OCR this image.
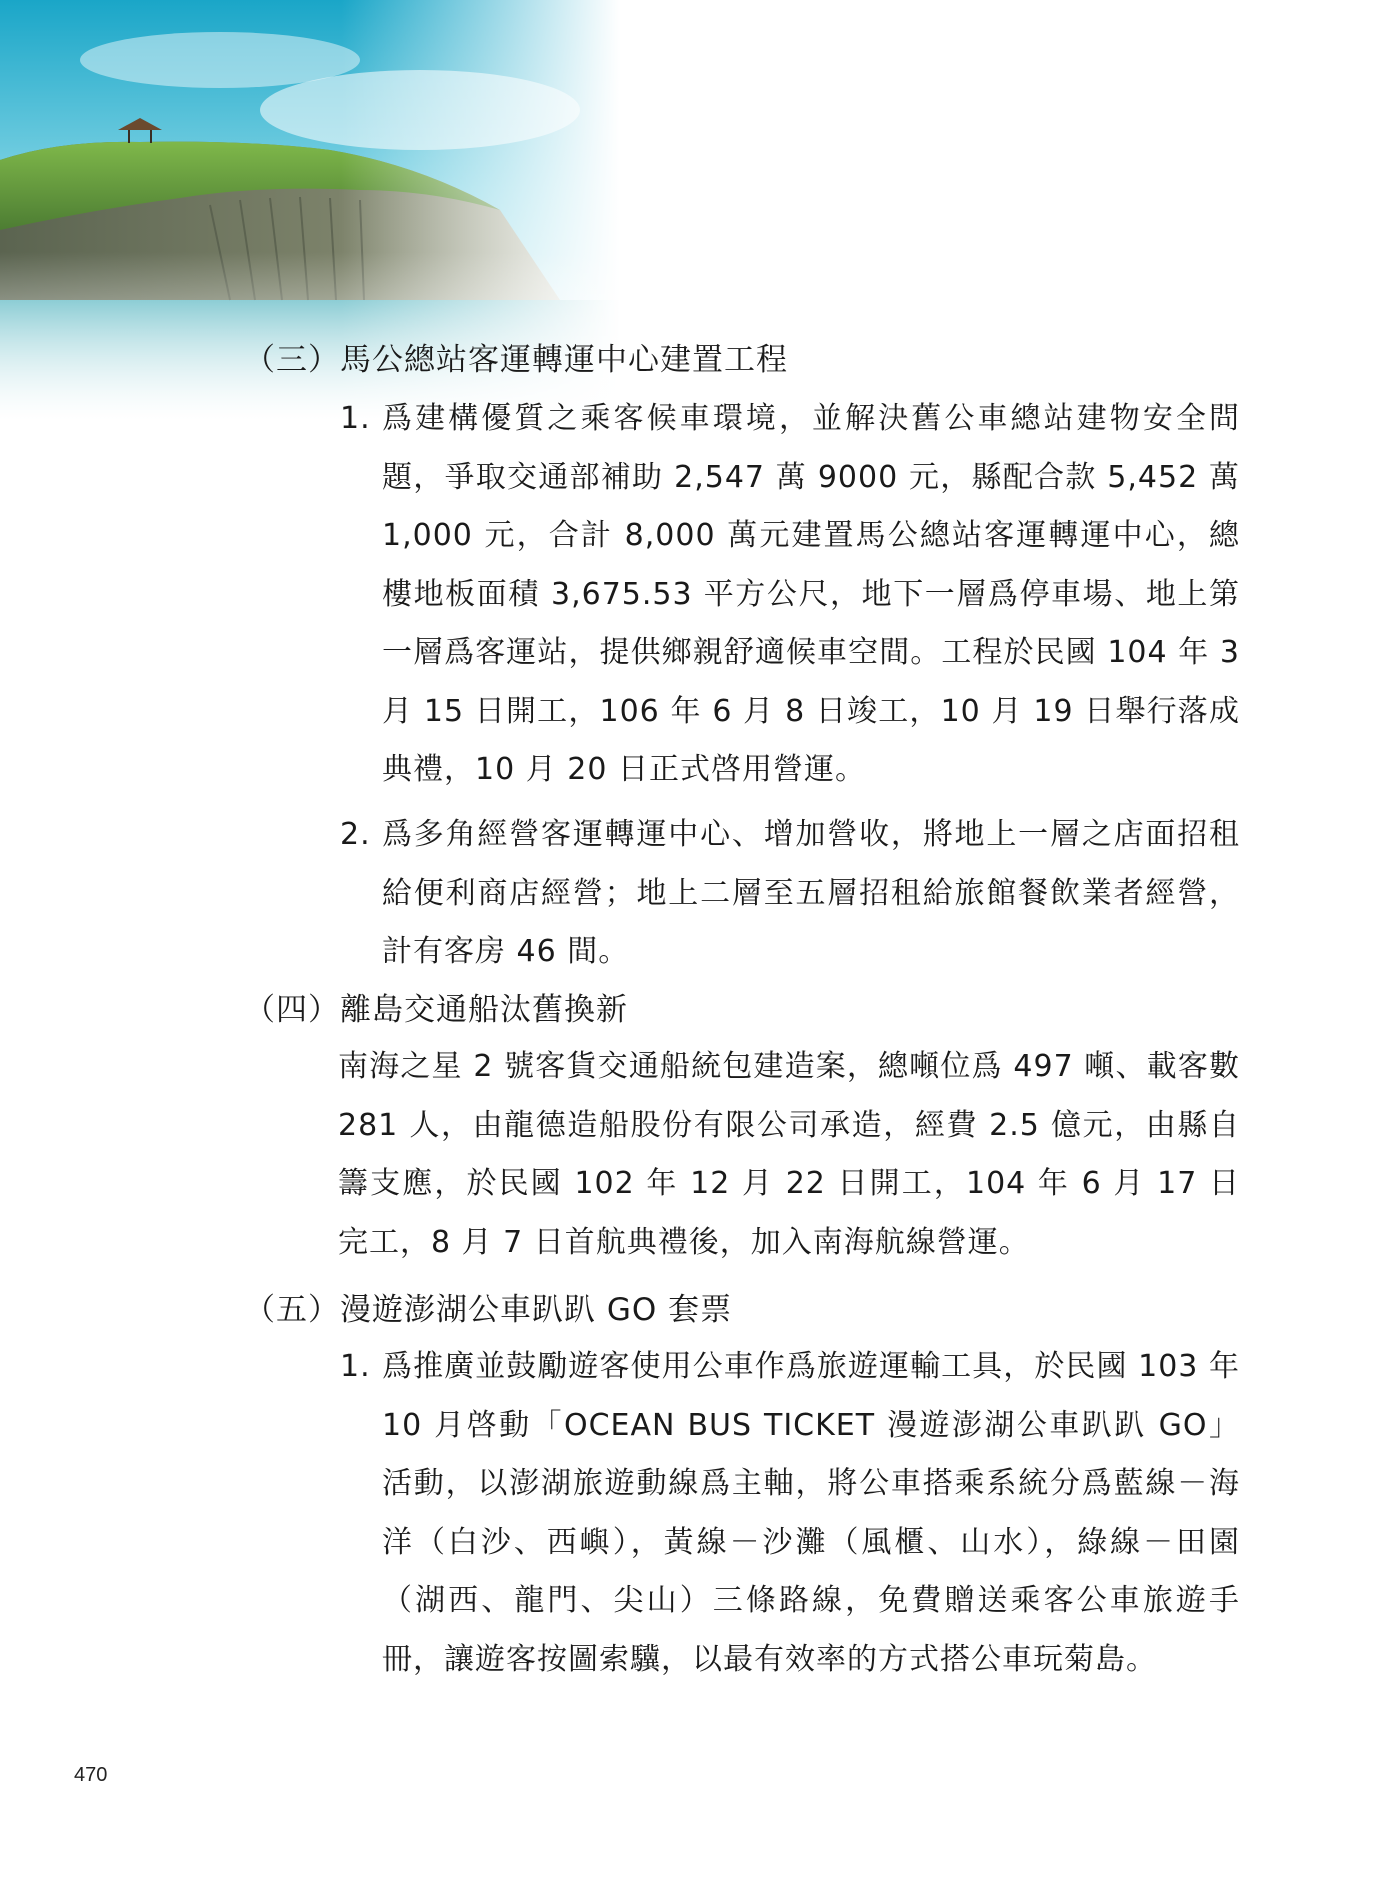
（三）馬公總站客運轉運中心建置工程
1. 爲建構優質之乘客候車環境，並解決舊公車總站建物安全問題，爭取交通部補助 2,547 萬 9000 元，縣配合款 5,452 萬 1,000 元，合計 8,000 萬元建置馬公總站客運轉運中心，總樓地板面積 3,675.53 平方公尺，地下一層爲停車場、地上第一層爲客運站，提供鄉親舒適候車空間。工程於民國 104 年 3 月 15 日開工，106 年 6 月 8 日竣工，10 月 19 日舉行落成典禮，10 月 20 日正式啓用營運。

2. 爲多角經營客運轉運中心、增加營收，將地上一層之店面招租給便利商店經營；地上二層至五層招租給旅館餐飲業者經營，計有客房 46 間。

（四）離島交通船汰舊換新

南海之星 2 號客貨交通船統包建造案，總噸位爲 497 噸、載客數 281 人，由龍德造船股份有限公司承造，經費 2.5 億元，由縣自籌支應，於民國 102 年 12 月 22 日開工，104 年 6 月 17 日完工，8 月 7 日首航典禮後，加入南海航線營運。

（五）漫遊澎湖公車趴趴 GO 套票
1. 爲推廣並鼓勵遊客使用公車作爲旅遊運輸工具，於民國 103 年 10 月啓動「OCEAN BUS TICKET 漫遊澎湖公車趴趴 GO」活動，以澎湖旅遊動線爲主軸，將公車搭乘系統分爲藍線－海洋（白沙、西嶼），黃線－沙灘（風櫃、山水），綠線－田園（湖西、龍門、尖山）三條路線，免費贈送乘客公車旅遊手冊，讓遊客按圖索驥，以最有效率的方式搭公車玩菊島。

470
